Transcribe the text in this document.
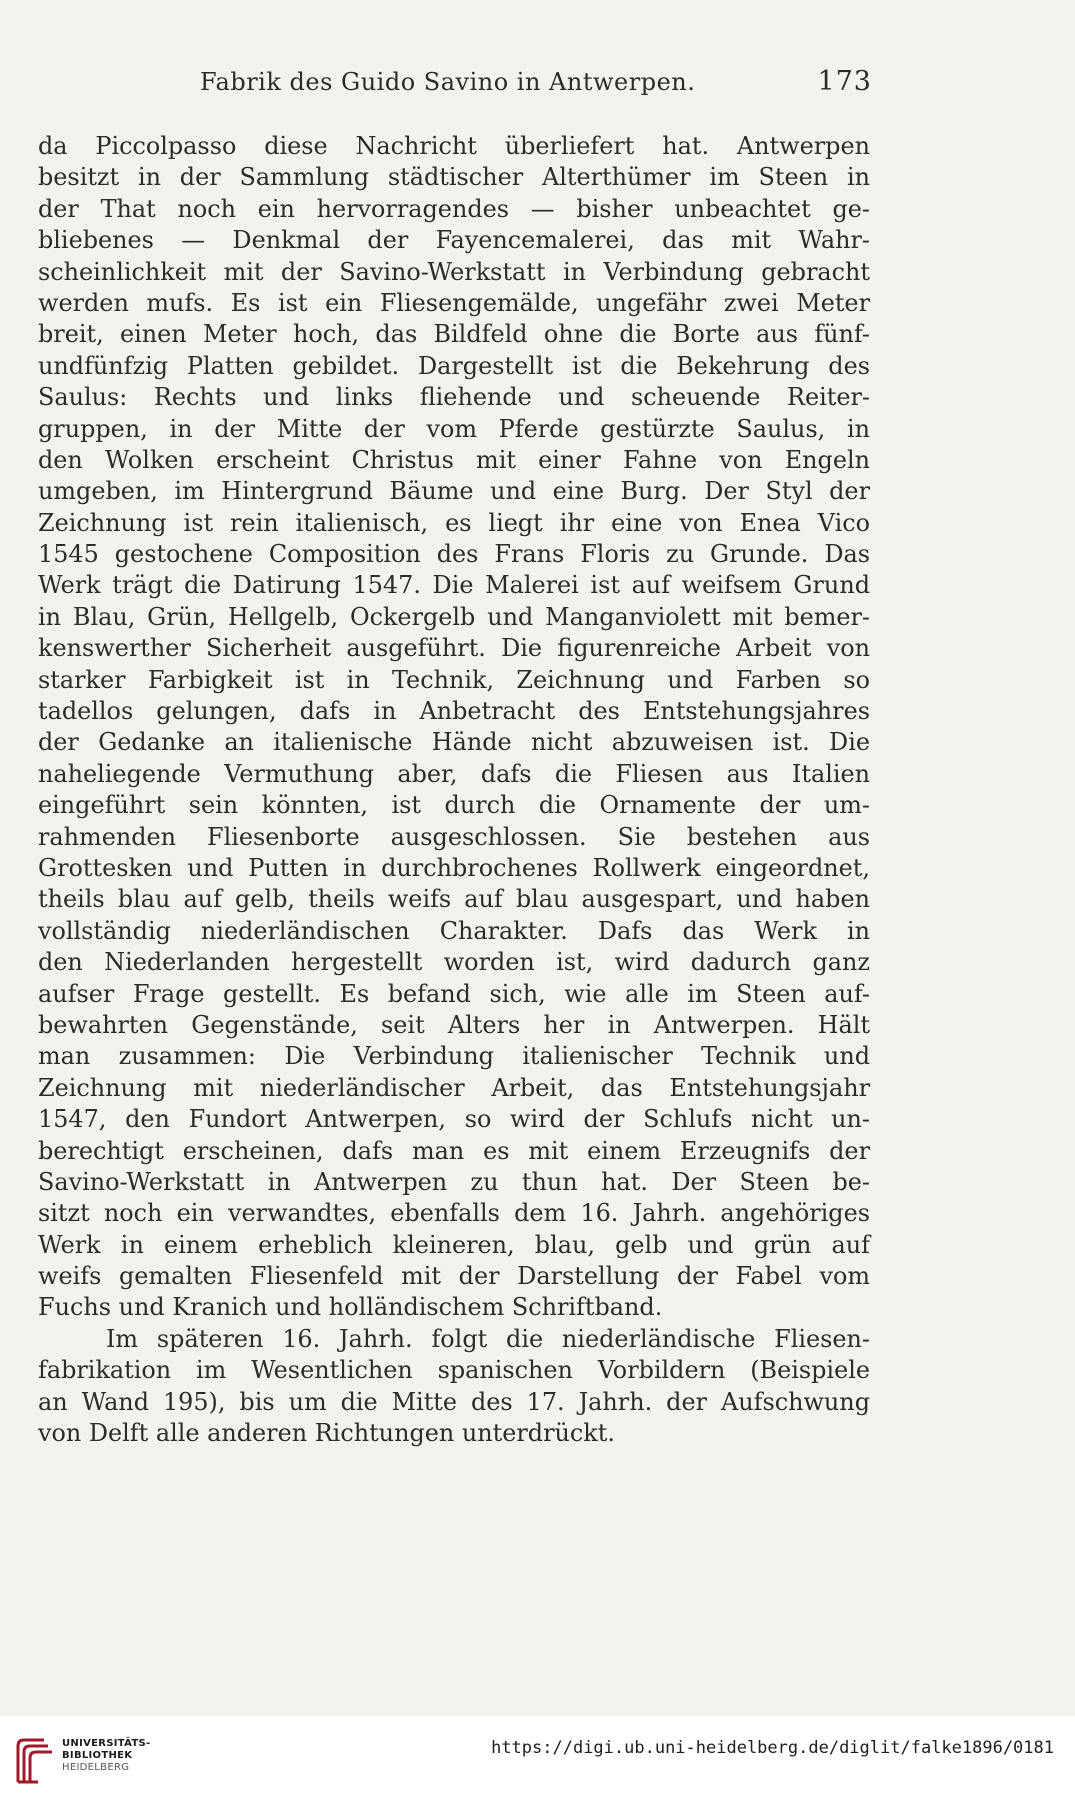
Fabrik des Guido Savino in Antwerpen.	173
da Piccolpasso diese Nachricht überliefert hat. Antwerpen
besitzt in der Sammlung städtischer Alterthümer im Steen in
der That noch ein hervorragendes — bisher unbeachtet ge-
bliebenes — Denkmal der Fayencemalerei, das mit Wahr-
scheinlichkeit mit der Savino-Werkstatt in Verbindung gebracht
werden mufs. Es ist ein Fliesengemälde, ungefähr zwei Meter
breit, einen Meter hoch, das Bildfeld ohne die Borte aus fünf-
undfünfzig Platten gebildet. Dargestellt ist die Bekehrung des
Saulus: Rechts und links fliehende und scheuende Reiter-
gruppen, in der Mitte der vom Pferde gestürzte Saulus, in
den Wolken erscheint Christus mit einer Fahne von Engeln
umgeben, im Hintergrund Bäume und eine Burg. Der Styl der
Zeichnung ist rein italienisch, es liegt ihr eine von Enea Vico
1545 gestochene Composition des Frans Floris zu Grunde. Das
Werk trägt die Datirung 1547. Die Malerei ist auf weifsem Grund
in Blau, Grün, Hellgelb, Ockergelb und Manganviolett mit bemer-
kenswerther Sicherheit ausgeführt. Die figurenreiche Arbeit von
starker Farbigkeit ist in Technik, Zeichnung und Farben so
tadellos gelungen, dafs in Anbetracht des Entstehungsjahres
der Gedanke an italienische Hände nicht abzuweisen ist. Die
naheliegende Vermuthung aber, dafs die Fliesen aus Italien
eingeführt sein könnten, ist durch die Ornamente der um-
rahmenden Fliesenborte ausgeschlossen. Sie bestehen aus
Grottesken und Putten in durchbrochenes Rollwerk eingeordnet,
theils blau auf gelb, theils weifs auf blau ausgespart, und haben
vollständig niederländischen Charakter. Dafs das Werk in
den Niederlanden hergestellt worden ist, wird dadurch ganz
aufser Frage gestellt. Es befand sich, wie alle im Steen auf-
bewahrten Gegenstände, seit Alters her in Antwerpen. Hält
man zusammen: Die Verbindung italienischer Technik und
Zeichnung mit niederländischer Arbeit, das Entstehungsjahr
1547, den Fundort Antwerpen, so wird der Schlufs nicht un-
berechtigt erscheinen, dafs man es mit einem Erzeugnifs der
Savino-Werkstatt in Antwerpen zu thun hat. Der Steen be-
sitzt noch ein verwandtes, ebenfalls dem 16. Jahrh. angehöriges
Werk in einem erheblich kleineren, blau, gelb und grün auf
weifs gemalten Fliesenfeld mit der Darstellung der Fabel vom
Fuchs und Kranich und holländischem Schriftband.
Im späteren 16. Jahrh. folgt die niederländische Fliesen-
fabrikation im Wesentlichen spanischen Vorbildern (Beispiele
an Wand 195), bis um die Mitte des 17. Jahrh. der Aufschwung
von Delft alle anderen Richtungen unterdrückt.
UNIVERSITÄTS-
BIBLIOTHEK
HEIDELBERG
https://digi.ub.uni-heidelberg.de/diglit/falke1896/0181
